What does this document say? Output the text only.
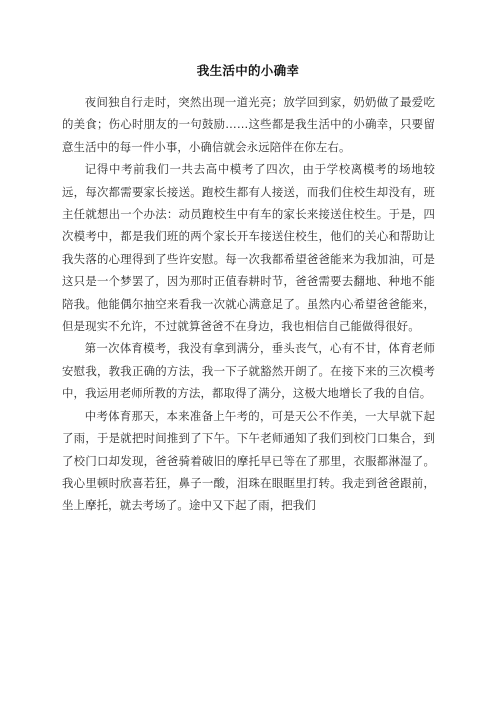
我生活中的小确幸

夜间独自行走时，突然出现一道光亮；放学回到家，奶奶做了最爱吃的美食；伤心时朋友的一句鼓励……这些都是我生活中的小确幸，只要留意生活中的每一件小事，小确信就会永远陪伴在你左右。

记得中考前我们一共去高中模考了四次，由于学校离模考的场地较远，每次都需要家长接送。跑校生都有人接送，而我们住校生却没有，班主任就想出一个办法：动员跑校生中有车的家长来接送住校生。于是，四次模考中，都是我们班的两个家长开车接送住校生，他们的关心和帮助让我失落的心理得到了些许安慰。每一次我都希望爸爸能来为我加油，可是这只是一个梦罢了，因为那时正值春耕时节，爸爸需要去翻地、种地不能陪我。他能偶尔抽空来看我一次就心满意足了。虽然内心希望爸爸能来，但是现实不允许，不过就算爸爸不在身边，我也相信自己能做得很好。

第一次体育模考，我没有拿到满分，垂头丧气，心有不甘，体育老师安慰我，教我正确的方法，我一下子就豁然开朗了。在接下来的三次模考中，我运用老师所教的方法，都取得了满分，这极大地增长了我的自信。

中考体育那天，本来准备上午考的，可是天公不作美，一大早就下起了雨，于是就把时间推到了下午。下午老师通知了我们到校门口集合，到了校门口却发现，爸爸骑着破旧的摩托早已等在了那里，衣服都淋湿了。我心里顿时欣喜若狂，鼻子一酸，泪珠在眼眶里打转。我走到爸爸跟前，坐上摩托，就去考场了。途中又下起了雨，把我们
